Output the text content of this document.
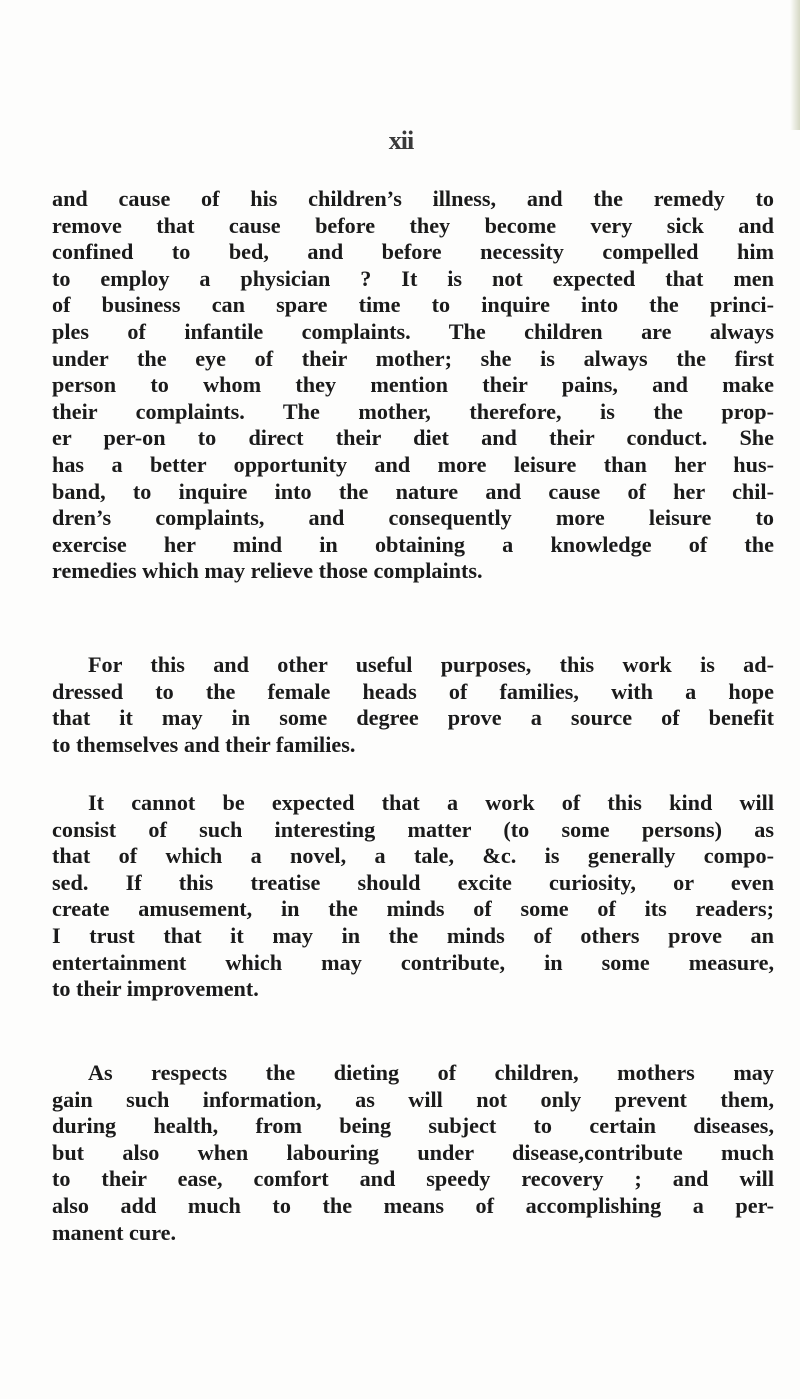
xii
and cause of his children’s illness, and the remedy to
remove that cause before they become very sick and
confined to bed, and before necessity compelled him
to employ a physician ? It is not expected that men
of business can spare time to inquire into the princi-
ples of infantile complaints. The children are always
under the eye of their mother; she is always the first
person to whom they mention their pains, and make
their complaints. The mother, therefore, is the prop-
er per-on to direct their diet and their conduct. She
has a better opportunity and more leisure than her hus-
band, to inquire into the nature and cause of her chil-
dren’s complaints, and consequently more leisure to
exercise her mind in obtaining a knowledge of the
remedies which may relieve those complaints.
For this and other useful purposes, this work is ad-
dressed to the female heads of families, with a hope
that it may in some degree prove a source of benefit
to themselves and their families.
It cannot be expected that a work of this kind will
consist of such interesting matter (to some persons) as
that of which a novel, a tale, &c. is generally compo-
sed. If this treatise should excite curiosity, or even
create amusement, in the minds of some of its readers;
I trust that it may in the minds of others prove an
entertainment which may contribute, in some measure,
to their improvement.
As respects the dieting of children, mothers may
gain such information, as will not only prevent them,
during health, from being subject to certain diseases,
but also when labouring under disease,contribute much
to their ease, comfort and speedy recovery ; and will
also add much to the means of accomplishing a per-
manent cure.
